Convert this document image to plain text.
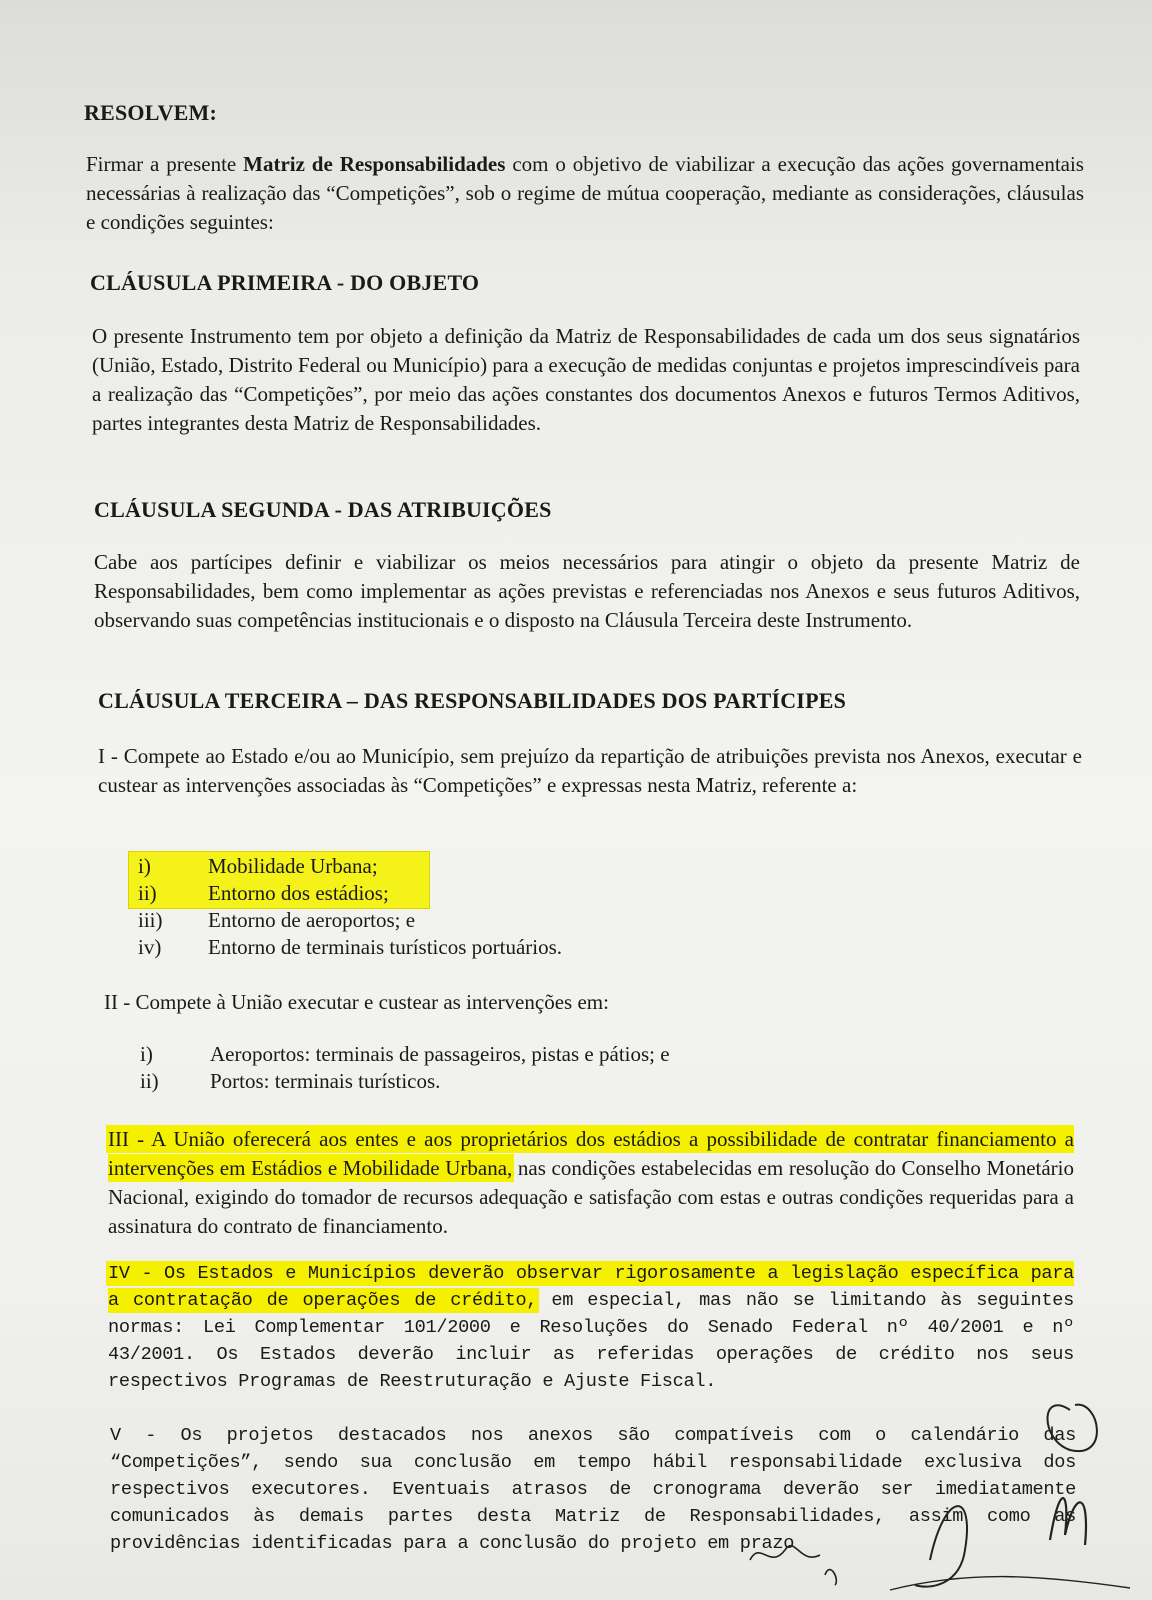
RESOLVEM:

Firmar a presente Matriz de Responsabilidades com o objetivo de viabilizar a execução das ações governamentais necessárias à realização das “Competições”, sob o regime de mútua cooperação, mediante as considerações, cláusulas e condições seguintes:

CLÁUSULA PRIMEIRA - DO OBJETO

O presente Instrumento tem por objeto a definição da Matriz de Responsabilidades de cada um dos seus signatários (União, Estado, Distrito Federal ou Município) para a execução de medidas conjuntas e projetos imprescindíveis para a realização das “Competições”, por meio das ações constantes dos documentos Anexos e futuros Termos Aditivos, partes integrantes desta Matriz de Responsabilidades.

CLÁUSULA SEGUNDA - DAS ATRIBUIÇÕES

Cabe aos partícipes definir e viabilizar os meios necessários para atingir o objeto da presente Matriz de Responsabilidades, bem como implementar as ações previstas e referenciadas nos Anexos e seus futuros Aditivos, observando suas competências institucionais e o disposto na Cláusula Terceira deste Instrumento.

CLÁUSULA TERCEIRA – DAS RESPONSABILIDADES DOS PARTÍCIPES

I - Compete ao Estado e/ou ao Município, sem prejuízo da repartição de atribuições prevista nos Anexos, executar e custear as intervenções associadas às “Competições” e expressas nesta Matriz, referente a:

i)	Mobilidade Urbana;
ii)	Entorno dos estádios;
iii)	Entorno de aeroportos; e
iv)	Entorno de terminais turísticos portuários.

II - Compete à União executar e custear as intervenções em:

i)	Aeroportos: terminais de passageiros, pistas e pátios; e
ii)	Portos: terminais turísticos.

III - A União oferecerá aos entes e aos proprietários dos estádios a possibilidade de contratar financiamento a intervenções em Estádios e Mobilidade Urbana, nas condições estabelecidas em resolução do Conselho Monetário Nacional, exigindo do tomador de recursos adequação e satisfação com estas e outras condições requeridas para a assinatura do contrato de financiamento.

IV - Os Estados e Municípios deverão observar rigorosamente a legislação específica para a contratação de operações de crédito, em especial, mas não se limitando às seguintes normas: Lei Complementar 101/2000 e Resoluções do Senado Federal nº 40/2001 e nº 43/2001. Os Estados deverão incluir as referidas operações de crédito nos seus respectivos Programas de Reestruturação e Ajuste Fiscal.

V - Os projetos destacados nos anexos são compatíveis com o calendário das “Competições”, sendo sua conclusão em tempo hábil responsabilidade exclusiva dos respectivos executores. Eventuais atrasos de cronograma deverão ser imediatamente comunicados às demais partes desta Matriz de Responsabilidades, assim como as providências identificadas para a conclusão do projeto em prazo
